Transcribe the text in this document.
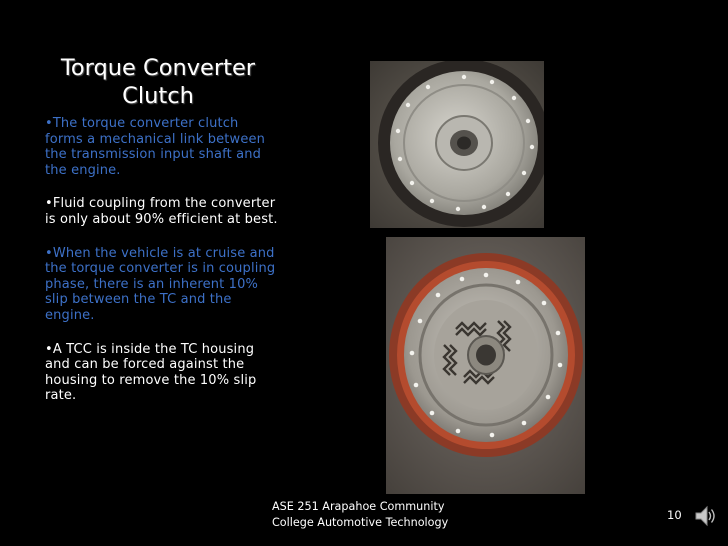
Torque Converter
Clutch
•The torque converter clutch forms a mechanical link between the transmission input shaft and the engine.
•Fluid coupling from the converter is only about 90% efficient at best.
•When the vehicle is at cruise and the torque converter is in coupling phase, there is an inherent 10% slip between the TC and the engine.
•A TCC is inside the TC housing and can be forced against the housing to remove the 10% slip rate.
ASE 251 Arapahoe Community
College Automotive Technology
10
